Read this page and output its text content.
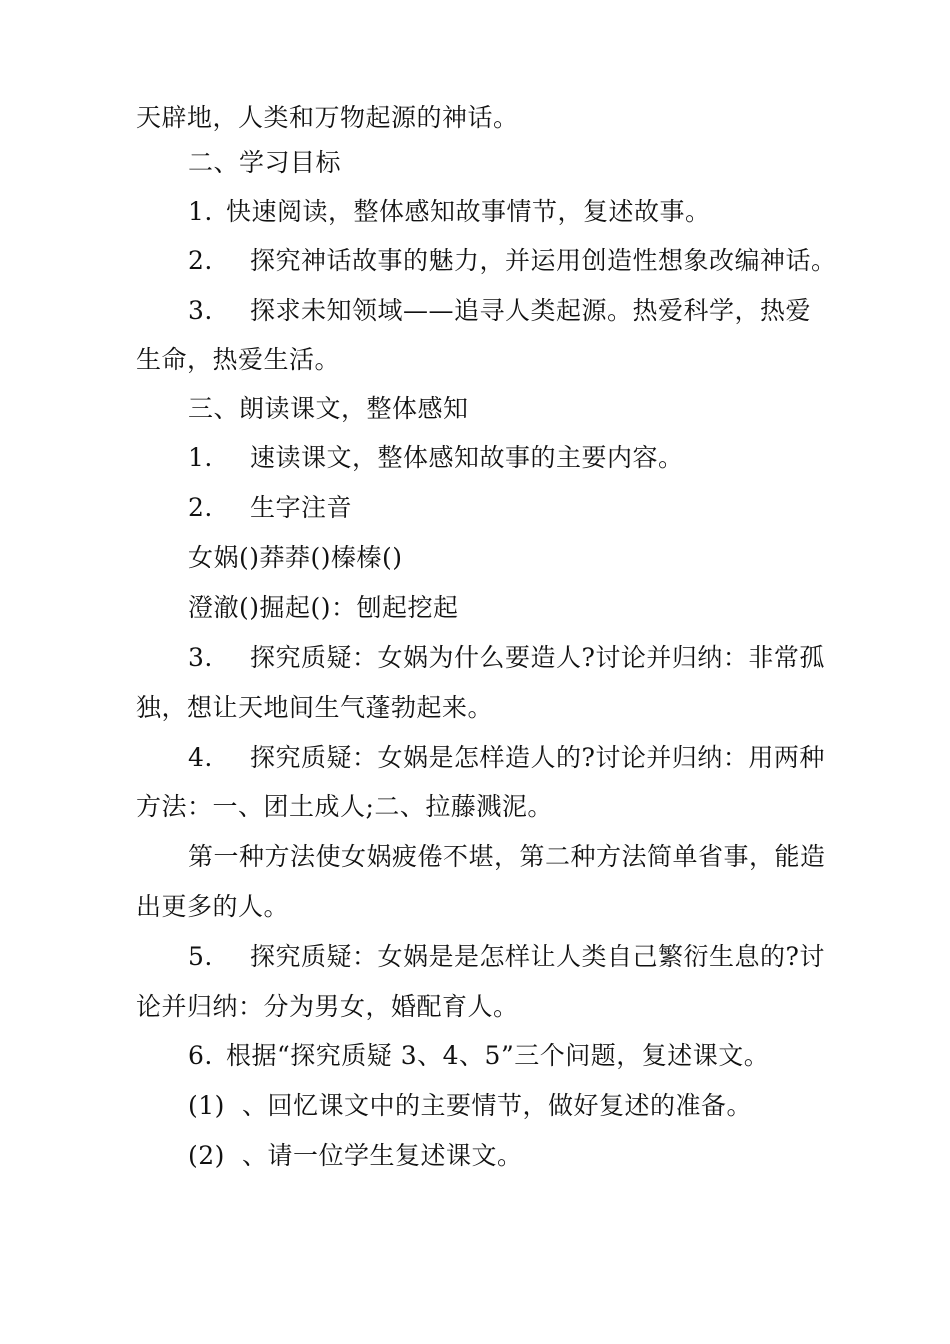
天辟地，人类和万物起源的神话。
二、学习目标
1. 快速阅读，整体感知故事情节，复述故事。
2. 探究神话故事的魅力，并运用创造性想象改编神话。
3. 探求未知领域——追寻人类起源。热爱科学，热爱
生命，热爱生活。
三、朗读课文，整体感知
1. 速读课文，整体感知故事的主要内容。
2. 生字注音
女娲()莽莽()榛榛()
澄澈()掘起()：刨起挖起
3. 探究质疑：女娲为什么要造人?讨论并归纳：非常孤
独，想让天地间生气蓬勃起来。
4. 探究质疑：女娲是怎样造人的?讨论并归纳：用两种
方法：一、团土成人;二、拉藤溅泥。
第一种方法使女娲疲倦不堪，第二种方法简单省事，能造
出更多的人。
5. 探究质疑：女娲是是怎样让人类自己繁衍生息的?讨
论并归纳：分为男女，婚配育人。
6. 根据“探究质疑 3、4、5”三个问题，复述课文。
(1) 、回忆课文中的主要情节，做好复述的准备。
(2) 、请一位学生复述课文。
